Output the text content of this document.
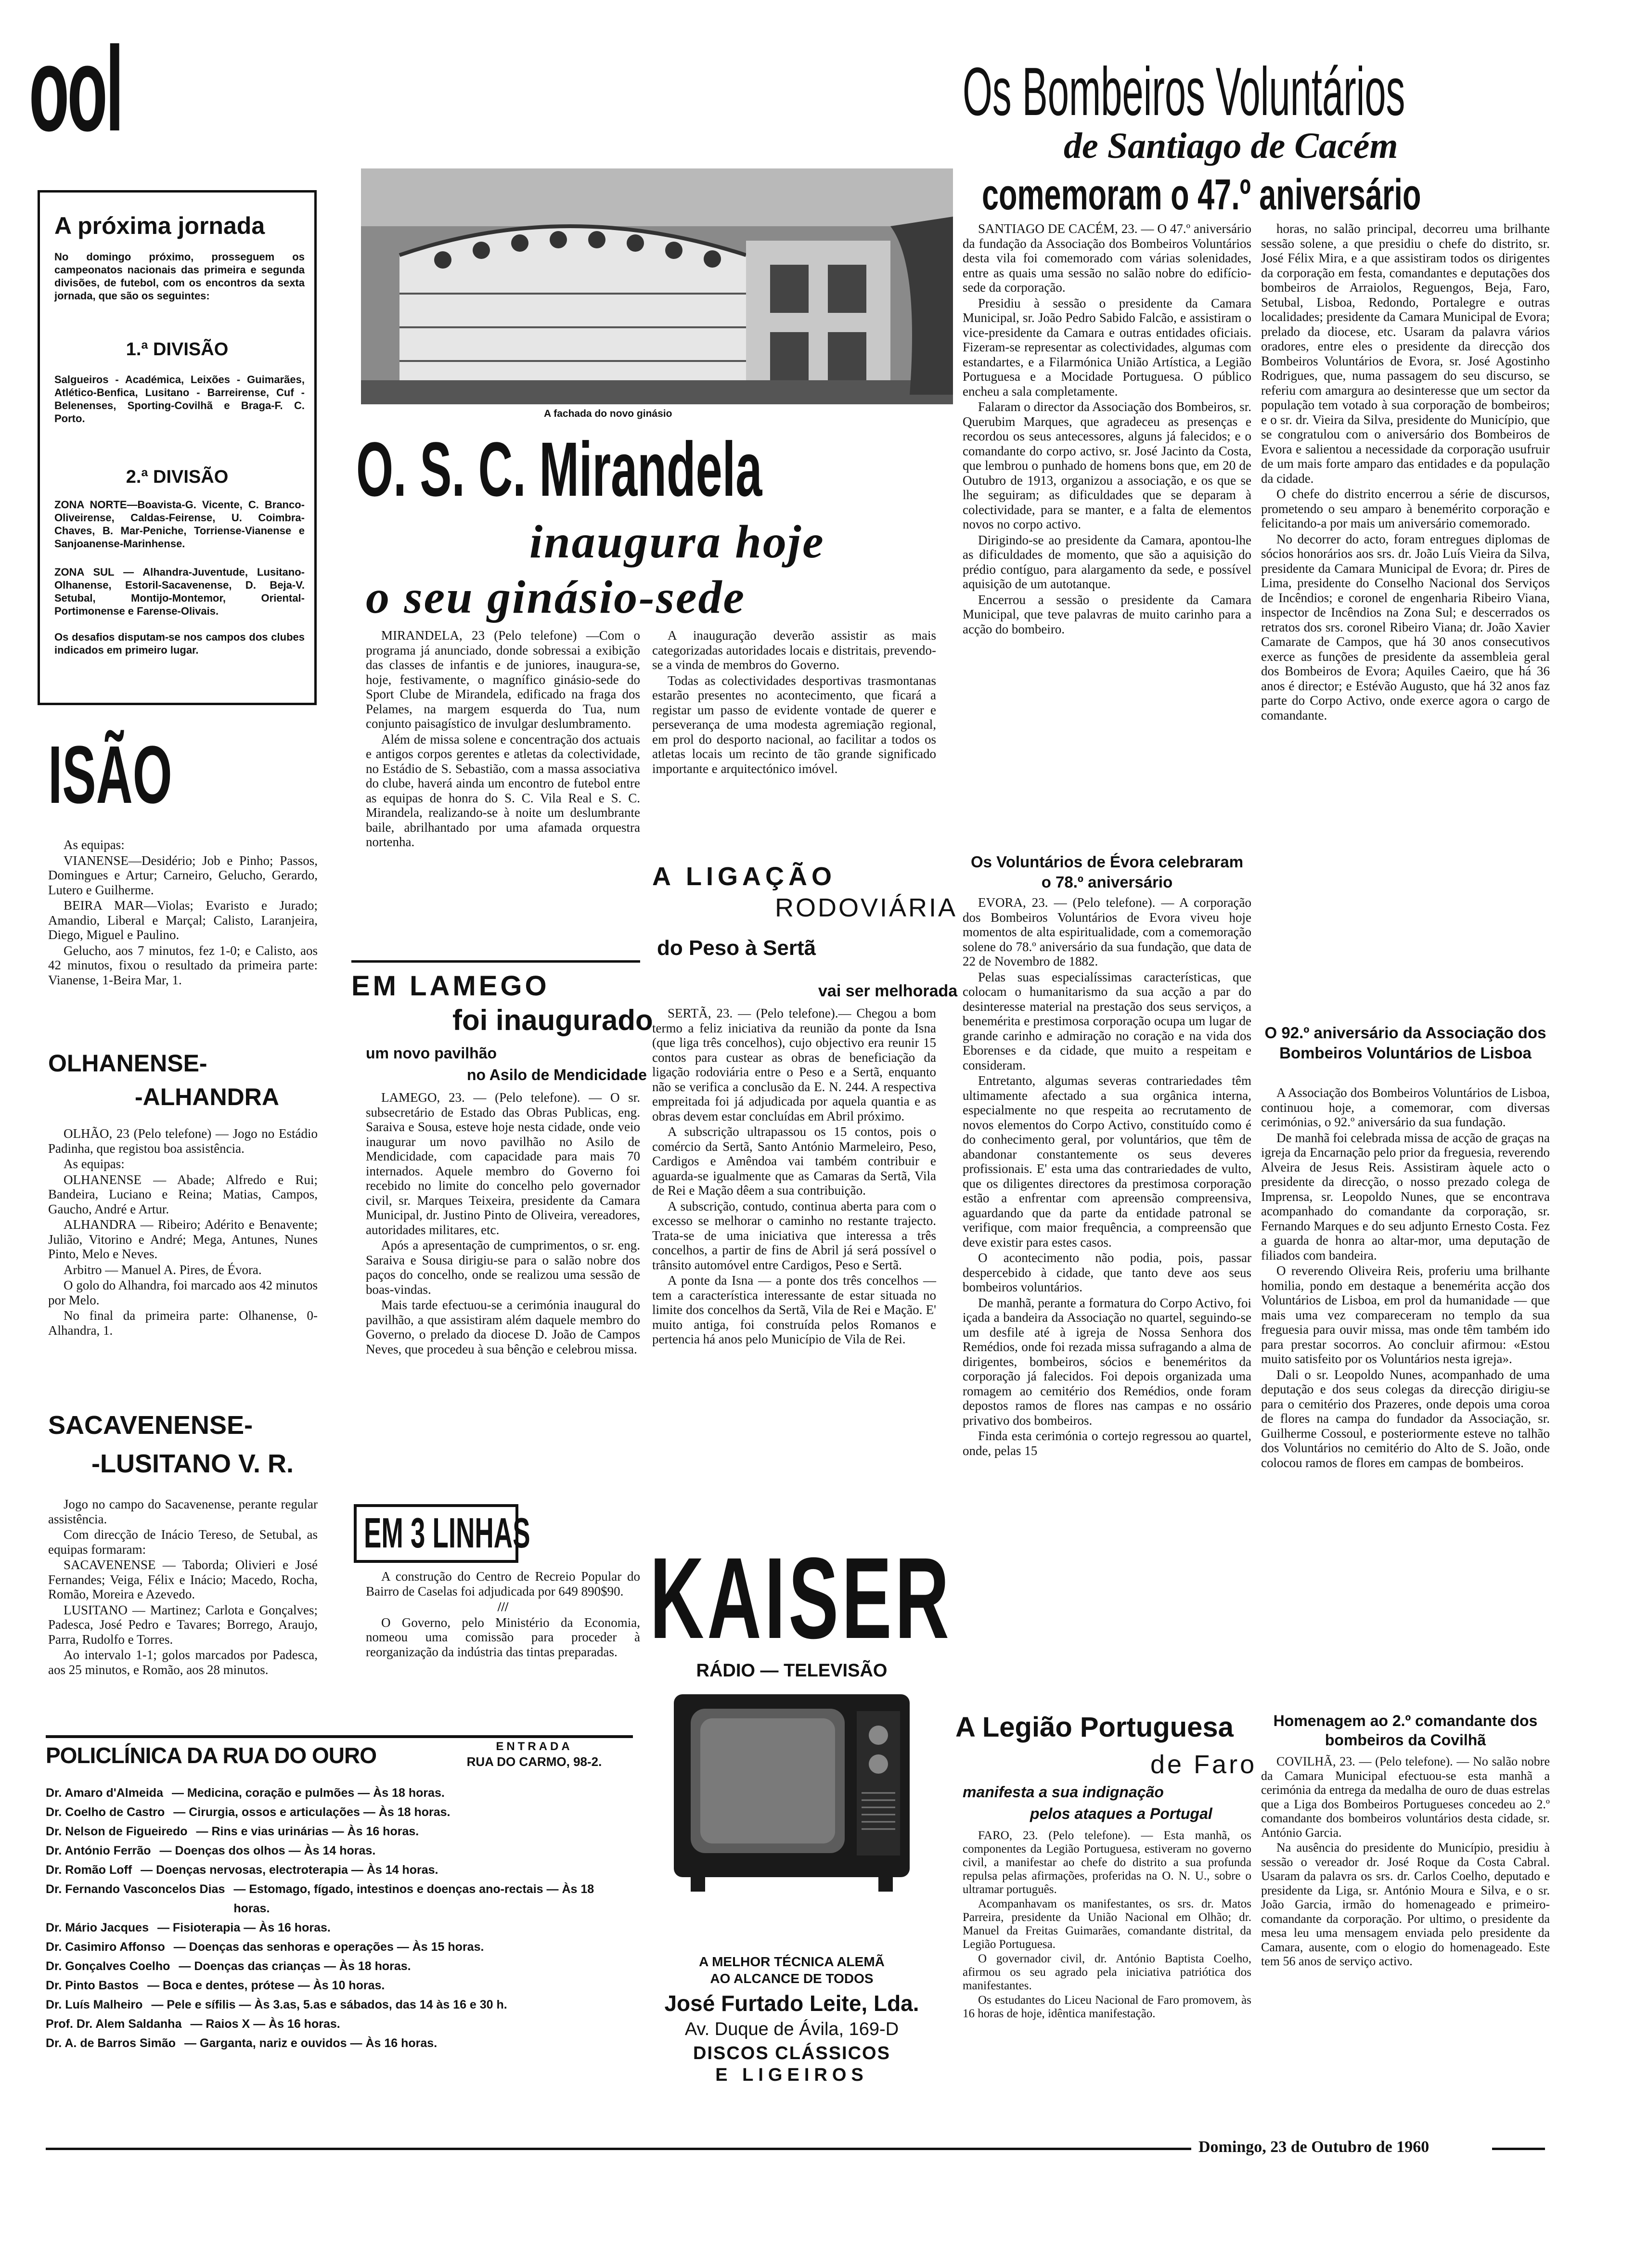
ool
A próxima jornada
No domingo próximo, prosseguem os campeonatos nacionais das primeira e segunda divisões, de futebol, com os encontros da sexta jornada, que são os seguintes:
1.ª DIVISÃO
Salgueiros - Académica, Leixões - Guimarães, Atlético-Benfica, Lusitano - Barreirense, Cuf - Belenenses, Sporting-Covilhã e Braga-F. C. Porto.
2.ª DIVISÃO
ZONA NORTE—Boavista-G. Vicente, C. Branco-Oliveirense, Caldas-Feirense, U. Coimbra-Chaves, B. Mar-Peniche, Torriense-Vianense e Sanjoanense-Marinhense.
ZONA SUL — Alhandra-Juventude, Lusitano-Olhanense, Estoril-Sacavenense, D. Beja-V. Setubal, Montijo-Montemor, Oriental-Portimonense e Farense-Olivais.
Os desafios disputam-se nos campos dos clubes indicados em primeiro lugar.
ISÃO

As equipas:

VIANENSE—Desidério; Job e Pinho; Passos, Domingues e Artur; Carneiro, Gelucho, Gerardo, Lutero e Guilherme.

BEIRA MAR—Violas; Evaristo e Jurado; Amandio, Liberal e Marçal; Calisto, Laranjeira, Diego, Miguel e Paulino.

Gelucho, aos 7 minutos, fez 1-0; e Calisto, aos 42 minutos, fixou o resultado da primeira parte: Vianense, 1-Beira Mar, 1.

OLHANENSE-
-ALHANDRA

OLHÃO, 23 (Pelo telefone) — Jogo no Estádio Padinha, que registou boa assistência.

As equipas:

OLHANENSE — Abade; Alfredo e Rui; Bandeira, Luciano e Reina; Matias, Campos, Gaucho, André e Artur.

ALHANDRA — Ribeiro; Adérito e Benavente; Julião, Vitorino e André; Mega, Antunes, Nunes Pinto, Melo e Neves.

Arbitro — Manuel A. Pires, de Évora.

O golo do Alhandra, foi marcado aos 42 minutos por Melo.

No final da primeira parte: Olhanense, 0-Alhandra, 1.

SACAVENENSE-
-LUSITANO V. R.

Jogo no campo do Sacavenense, perante regular assistência.

Com direcção de Inácio Tereso, de Setubal, as equipas formaram:

SACAVENENSE — Taborda; Olivieri e José Fernandes; Veiga, Félix e Inácio; Macedo, Rocha, Romão, Moreira e Azevedo.

LUSITANO — Martinez; Carlota e Gonçalves; Padesca, José Pedro e Tavares; Borrego, Araujo, Parra, Rudolfo e Torres.

Ao intervalo 1-1; golos marcados por Padesca, aos 25 minutos, e Romão, aos 28 minutos.

POLICLÍNICA DA RUA DO OURO	ENTRADA
RUA DO CARMO, 98-2.
Dr. Amaro d'Almeida — Medicina, coração e pulmões — Às 18 horas.
Dr. Coelho de Castro — Cirurgia, ossos e articulações — Às 18 horas.
Dr. Nelson de Figueiredo — Rins e vias urinárias — Às 16 horas.
Dr. António Ferrão — Doenças dos olhos — Às 14 horas.
Dr. Romão Loff — Doenças nervosas, electroterapia — Às 14 horas.
Dr. Fernando Vasconcelos Dias — Estomago, fígado, intestinos e doenças ano-rectais — Às 18 horas.
Dr. Mário Jacques — Fisioterapia — Às 16 horas.
Dr. Casimiro Affonso — Doenças das senhoras e operações — Às 15 horas.
Dr. Gonçalves Coelho — Doenças das crianças — Às 18 horas.
Dr. Pinto Bastos — Boca e dentes, prótese — Às 10 horas.
Dr. Luís Malheiro — Pele e sífilis — Às 3.as, 5.as e sábados, das 14 às 16 e 30 h.
Prof. Dr. Alem Saldanha — Raios X — Às 16 horas.
Dr. A. de Barros Simão — Garganta, nariz e ouvidos — Às 16 horas.
A fachada do novo ginásio
O. S. C. Mirandela
inaugura hoje
o seu ginásio-sede

MIRANDELA, 23 (Pelo telefone) —Com o programa já anunciado, donde sobressai a exibição das classes de infantis e de juniores, inaugura-se, hoje, festivamente, o magnífico ginásio-sede do Sport Clube de Mirandela, edificado na fraga dos Pelames, na margem esquerda do Tua, num conjunto paisagístico de invulgar deslumbramento.

Além de missa solene e concentração dos actuais e antigos corpos gerentes e atletas da colectividade, no Estádio de S. Sebastião, com a massa associativa do clube, haverá ainda um encontro de futebol entre as equipas de honra do S. C. Vila Real e S. C. Mirandela, realizando-se à noite um deslumbrante baile, abrilhantado por uma afamada orquestra nortenha.

A inauguração deverão assistir as mais categorizadas autoridades locais e distritais, prevendo-se a vinda de membros do Governo.

Todas as colectividades desportivas trasmontanas estarão presentes no acontecimento, que ficará a registar um passo de evidente vontade de querer e perseverança de uma modesta agremiação regional, em prol do desporto nacional, ao facilitar a todos os atletas locais um recinto de tão grande significado importante e arquitectónico imóvel.

EM LAMEGO
foi inaugurado
um novo pavilhão
no Asilo de Mendicidade

LAMEGO, 23. — (Pelo telefone). — O sr. subsecretário de Estado das Obras Publicas, eng. Saraiva e Sousa, esteve hoje nesta cidade, onde veio inaugurar um novo pavilhão no Asilo de Mendicidade, com capacidade para mais 70 internados. Aquele membro do Governo foi recebido no limite do concelho pelo governador civil, sr. Marques Teixeira, presidente da Camara Municipal, dr. Justino Pinto de Oliveira, vereadores, autoridades militares, etc.

Após a apresentação de cumprimentos, o sr. eng. Saraiva e Sousa dirigiu-se para o salão nobre dos paços do concelho, onde se realizou uma sessão de boas-vindas.

Mais tarde efectuou-se a cerimónia inaugural do pavilhão, a que assistiram além daquele membro do Governo, o prelado da diocese D. João de Campos Neves, que procedeu à sua bênção e celebrou missa.

EM 3 LINHAS

A construção do Centro de Recreio Popular do Bairro de Caselas foi adjudicada por 649 890$90.

///

O Governo, pelo Ministério da Economia, nomeou uma comissão para proceder à reorganização da indústria das tintas preparadas.

A LIGAÇÃO
RODOVIÁRIA
do Peso à Sertã
vai ser melhorada

SERTÃ, 23. — (Pelo telefone).— Chegou a bom termo a feliz iniciativa da reunião da ponte da Isna (que liga três concelhos), cujo objectivo era reunir 15 contos para custear as obras de beneficiação da ligação rodoviária entre o Peso e a Sertã, enquanto não se verifica a conclusão da E. N. 244. A respectiva empreitada foi já adjudicada por aquela quantia e as obras devem estar concluídas em Abril próximo.

A subscrição ultrapassou os 15 contos, pois o comércio da Sertã, Santo António Marmeleiro, Peso, Cardigos e Amêndoa vai também contribuir e aguarda-se igualmente que as Camaras da Sertã, Vila de Rei e Mação dêem a sua contribuição.

A subscrição, contudo, continua aberta para com o excesso se melhorar o caminho no restante trajecto. Trata-se de uma iniciativa que interessa a três concelhos, a partir de fins de Abril já será possível o trânsito automóvel entre Cardigos, Peso e Sertã.

A ponte da Isna — a ponte dos três concelhos — tem a característica interessante de estar situada no limite dos concelhos da Sertã, Vila de Rei e Mação. E' muito antiga, foi construída pelos Romanos e pertencia há anos pelo Município de Vila de Rei.

KAISER
RÁDIO — TELEVISÃO
A MELHOR TÉCNICA ALEMÃ
AO ALCANCE DE TODOS
José Furtado Leite, Lda.
Av. Duque de Ávila, 169-D
DISCOS CLÁSSICOS
E LIGEIROS
Os Bombeiros Voluntários
de Santiago de Cacém
comemoram o 47.º aniversário

SANTIAGO DE CACÉM, 23. — O 47.º aniversário da fundação da Associação dos Bombeiros Voluntários desta vila foi comemorado com várias solenidades, entre as quais uma sessão no salão nobre do edifício-sede da corporação.

Presidiu à sessão o presidente da Camara Municipal, sr. João Pedro Sabido Falcão, e assistiram o vice-presidente da Camara e outras entidades oficiais. Fizeram-se representar as colectividades, algumas com estandartes, e a Filarmónica União Artística, a Legião Portuguesa e a Mocidade Portuguesa. O público encheu a sala completamente.

Falaram o director da Associação dos Bombeiros, sr. Querubim Marques, que agradeceu as presenças e recordou os seus antecessores, alguns já falecidos; e o comandante do corpo activo, sr. José Jacinto da Costa, que lembrou o punhado de homens bons que, em 20 de Outubro de 1913, organizou a associação, e os que se lhe seguiram; as dificuldades que se deparam à colectividade, para se manter, e a falta de elementos novos no corpo activo.

Dirigindo-se ao presidente da Camara, apontou-lhe as dificuldades de momento, que são a aquisição do prédio contíguo, para alargamento da sede, e possível aquisição de um autotanque.

Encerrou a sessão o presidente da Camara Municipal, que teve palavras de muito carinho para a acção do bombeiro.

Os Voluntários de Évora celebraram o 78.º aniversário

EVORA, 23. — (Pelo telefone). — A corporação dos Bombeiros Voluntários de Evora viveu hoje momentos de alta espiritualidade, com a comemoração solene do 78.º aniversário da sua fundação, que data de 22 de Novembro de 1882.

Pelas suas especialíssimas características, que colocam o humanitarismo da sua acção a par do desinteresse material na prestação dos seus serviços, a benemérita e prestimosa corporação ocupa um lugar de grande carinho e admiração no coração e na vida dos Eborenses e da cidade, que muito a respeitam e consideram.

Entretanto, algumas severas contrariedades têm ultimamente afectado a sua orgânica interna, especialmente no que respeita ao recrutamento de novos elementos do Corpo Activo, constituído como é do conhecimento geral, por voluntários, que têm de abandonar constantemente os seus deveres profissionais. E' esta uma das contrariedades de vulto, que os diligentes directores da prestimosa corporação estão a enfrentar com apreensão compreensiva, aguardando que da parte da entidade patronal se verifique, com maior frequência, a compreensão que deve existir para estes casos.

O acontecimento não podia, pois, passar despercebido à cidade, que tanto deve aos seus bombeiros voluntários.

De manhã, perante a formatura do Corpo Activo, foi içada a bandeira da Associação no quartel, seguindo-se um desfile até à igreja de Nossa Senhora dos Remédios, onde foi rezada missa sufragando a alma de dirigentes, bombeiros, sócios e beneméritos da corporação já falecidos. Foi depois organizada uma romagem ao cemitério dos Remédios, onde foram depostos ramos de flores nas campas e no ossário privativo dos bombeiros.

Finda esta cerimónia o cortejo regressou ao quartel, onde, pelas 15

A Legião Portuguesa
de Faro
manifesta a sua indignação
pelos ataques a Portugal

FARO, 23. (Pelo telefone). — Esta manhã, os componentes da Legião Portuguesa, estiveram no governo civil, a manifestar ao chefe do distrito a sua profunda repulsa pelas afirmações, proferidas na O. N. U., sobre o ultramar português.

Acompanhavam os manifestantes, os srs. dr. Matos Parreira, presidente da União Nacional em Olhão; dr. Manuel da Freitas Guimarães, comandante distrital, da Legião Portuguesa.

O governador civil, dr. António Baptista Coelho, afirmou os seu agrado pela iniciativa patriótica dos manifestantes.

Os estudantes do Liceu Nacional de Faro promovem, às 16 horas de hoje, idêntica manifestação.

horas, no salão principal, decorreu uma brilhante sessão solene, a que presidiu o chefe do distrito, sr. José Félix Mira, e a que assistiram todos os dirigentes da corporação em festa, comandantes e deputações dos bombeiros de Arraiolos, Reguengos, Beja, Faro, Setubal, Lisboa, Redondo, Portalegre e outras localidades; presidente da Camara Municipal de Evora; prelado da diocese, etc. Usaram da palavra vários oradores, entre eles o presidente da direcção dos Bombeiros Voluntários de Evora, sr. José Agostinho Rodrigues, que, numa passagem do seu discurso, se referiu com amargura ao desinteresse que um sector da população tem votado à sua corporação de bombeiros; e o sr. dr. Vieira da Silva, presidente do Município, que se congratulou com o aniversário dos Bombeiros de Evora e salientou a necessidade da corporação usufruir de um mais forte amparo das entidades e da população da cidade.

O chefe do distrito encerrou a série de discursos, prometendo o seu amparo à benemérito corporação e felicitando-a por mais um aniversário comemorado.

No decorrer do acto, foram entregues diplomas de sócios honorários aos srs. dr. João Luís Vieira da Silva, presidente da Camara Municipal de Evora; dr. Pires de Lima, presidente do Conselho Nacional dos Serviços de Incêndios; e coronel de engenharia Ribeiro Viana, inspector de Incêndios na Zona Sul; e descerrados os retratos dos srs. coronel Ribeiro Viana; dr. João Xavier Camarate de Campos, que há 30 anos consecutivos exerce as funções de presidente da assembleia geral dos Bombeiros de Evora; Aquiles Caeiro, que há 36 anos é director; e Estévão Augusto, que há 32 anos faz parte do Corpo Activo, onde exerce agora o cargo de comandante.

O 92.º aniversário da Associação dos Bombeiros Voluntários de Lisboa

A Associação dos Bombeiros Voluntários de Lisboa, continuou hoje, a comemorar, com diversas cerimónias, o 92.º aniversário da sua fundação.

De manhã foi celebrada missa de acção de graças na igreja da Encarnação pelo prior da freguesia, reverendo Alveira de Jesus Reis. Assistiram àquele acto o presidente da direcção, o nosso prezado colega de Imprensa, sr. Leopoldo Nunes, que se encontrava acompanhado do comandante da corporação, sr. Fernando Marques e do seu adjunto Ernesto Costa. Fez a guarda de honra ao altar-mor, uma deputação de filiados com bandeira.

O reverendo Oliveira Reis, proferiu uma brilhante homilia, pondo em destaque a benemérita acção dos Voluntários de Lisboa, em prol da humanidade — que mais uma vez compareceram no templo da sua freguesia para ouvir missa, mas onde têm também ido para prestar socorros. Ao concluir afirmou: «Estou muito satisfeito por os Voluntários nesta igreja».

Dali o sr. Leopoldo Nunes, acompanhado de uma deputação e dos seus colegas da direcção dirigiu-se para o cemitério dos Prazeres, onde depois uma coroa de flores na campa do fundador da Associação, sr. Guilherme Cossoul, e posteriormente esteve no talhão dos Voluntários no cemitério do Alto de S. João, onde colocou ramos de flores em campas de bombeiros.

Homenagem ao 2.º comandante dos bombeiros da Covilhã

COVILHÃ, 23. — (Pelo telefone). — No salão nobre da Camara Municipal efectuou-se esta manhã a cerimónia da entrega da medalha de ouro de duas estrelas que a Liga dos Bombeiros Portugueses concedeu ao 2.º comandante dos bombeiros voluntários desta cidade, sr. António Garcia.

Na ausência do presidente do Município, presidiu à sessão o vereador dr. José Roque da Costa Cabral. Usaram da palavra os srs. dr. Carlos Coelho, deputado e presidente da Liga, sr. António Moura e Silva, e o sr. João Garcia, irmão do homenageado e primeiro-comandante da corporação. Por ultimo, o presidente da mesa leu uma mensagem enviada pelo presidente da Camara, ausente, com o elogio do homenageado. Este tem 56 anos de serviço activo.

Domingo, 23 de Outubro de 1960
